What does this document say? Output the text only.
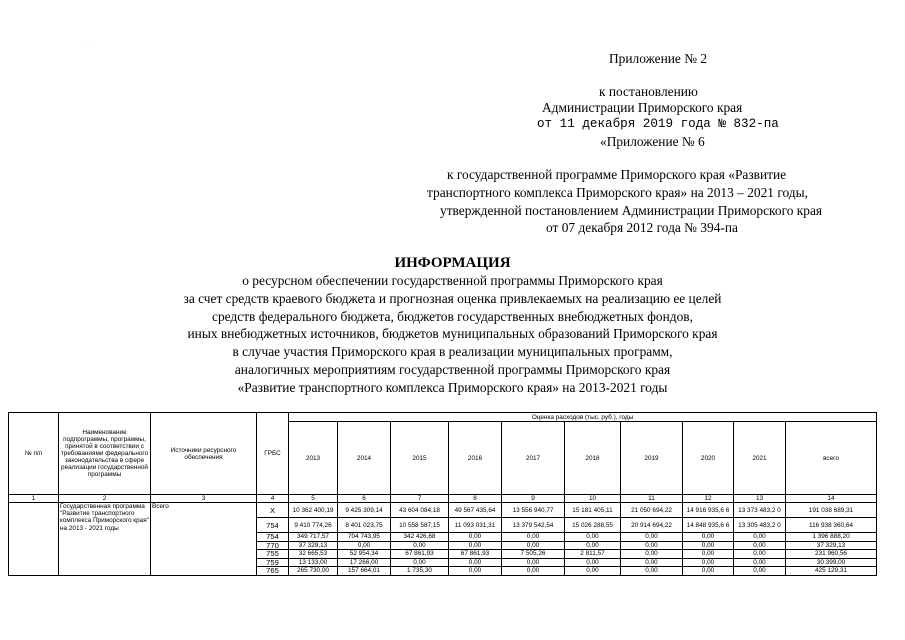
· ·
Приложение № 2
к постановлению
Администрации Приморского края
от 11 декабря 2019 года № 832-па
«Приложение № 6
к государственной программе Приморского края «Развитие
транспортного комплекса Приморского края» на 2013 – 2021 годы,
утвержденной постановлением Администрации Приморского края
от 07 декабря 2012 года № 394-па
ИНФОРМАЦИЯ
о ресурсном обеспечении государственной программы Приморского края
за счет средств краевого бюджета и прогнозная оценка привлекаемых на реализацию ее целей
средств федерального бюджета, бюджетов государственных внебюджетных фондов,
иных внебюджетных источников, бюджетов муниципальных образований Приморского края
в случае участия Приморского края в реализации муниципальных программ,
аналогичных мероприятиям государственной программы Приморского края
«Развитие транспортного комплекса Приморского края» на 2013-2021 годы
№ п/п	Наименование подпрограммы, программы, принятой в соответствии с требованиями федерального законодательства в сфере реализации государственной программы	Источники ресурсного обеспечения	ГРБС	Оценка расходов (тыс. руб.), годы									
				2013	2014	2015	2016	2017	2018	2019	2020	2021	всего
1	2	3	4	5	6	7	8	9	10	11	12	13	14
	Государственная программа "Развитие транспортного комплекса Приморского края" на 2013 - 2021 годы	Всего	Х	10 362 400,19	9 425 309,14	43 604 084,18	49 567 435,64	13 556 940,77	15 181 405,11	21 050 694,22	14 916 935,6 6	13 373 483,2 0	191 038 689,31
			754	9 410 774,26	8 401 023,75	10 558 587,15	11 093 031,31	13 379 542,54	15 026 288,55	20 914 694,22	14 848 935,6 6	13 305 483,2 0	116 938 360,64
			754	349 717,57	704 743,95	342 426,68	0,00	0,00	0,00	0,00	0,00	0,00	1 396 888,20
			770	37 329,13	0,00	0,00	0,00	0,00	0,00	0,00	0,00	0,00	37 329,13
			755	32 665,53	52 954,34	67 861,93	67 861,93	7 505,26	2 811,57	0,00	0,00	0,00	231 960,56
			759	13 133,00	17 266,00	0,00	0,00	0,00	0,00	0,00	0,00	0,00	30 399,00
			765	265 730,00	157 664,01	1 735,30	0,00	0,00	0,00	0,00	0,00	0,00	425 129,31
